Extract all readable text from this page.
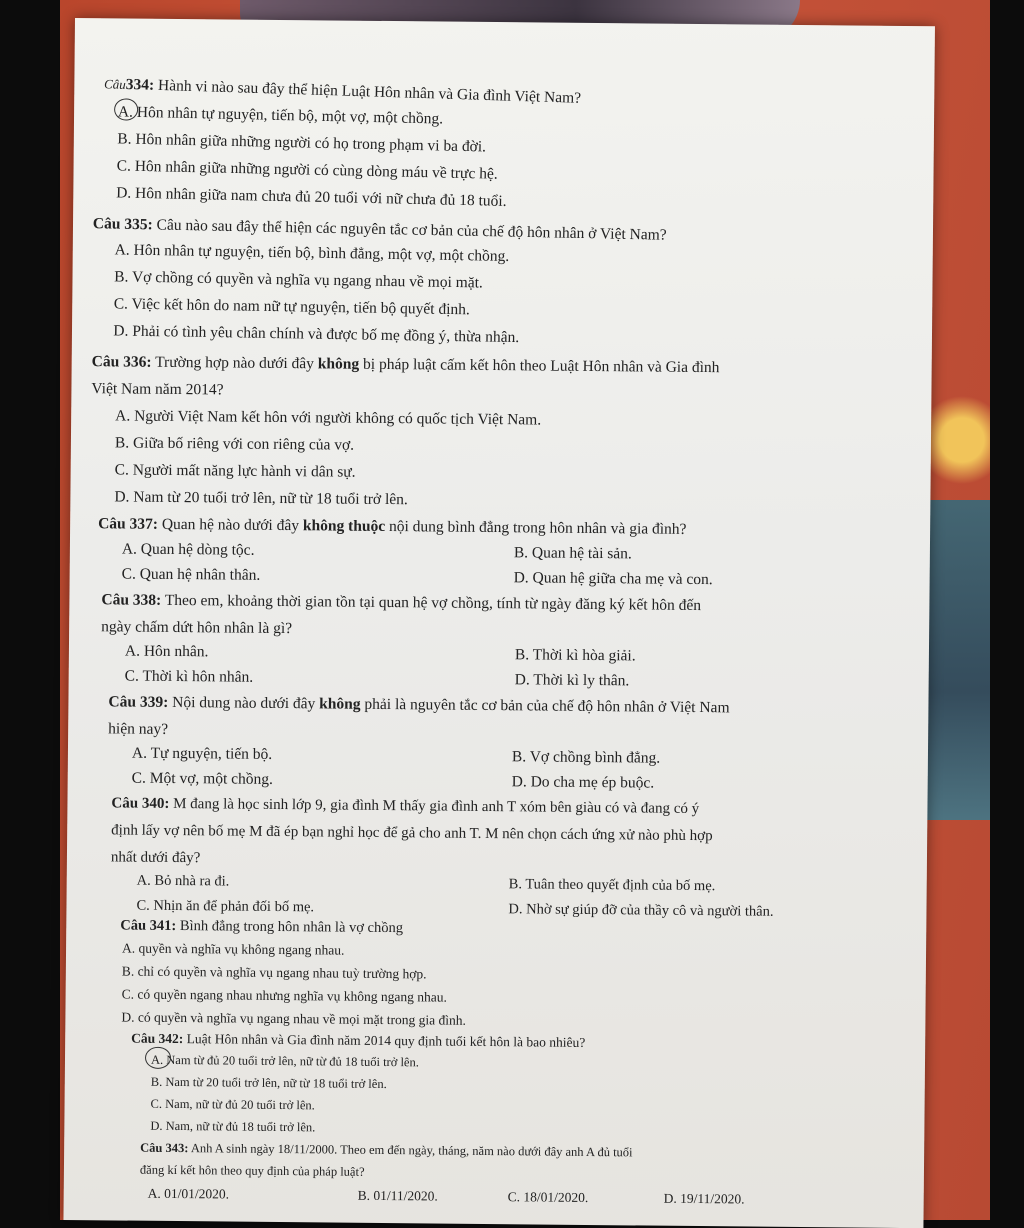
Câu334: Hành vi nào sau đây thể hiện Luật Hôn nhân và Gia đình Việt Nam?
A. Hôn nhân tự nguyện, tiến bộ, một vợ, một chồng.
B. Hôn nhân giữa những người có họ trong phạm vi ba đời.
C. Hôn nhân giữa những người có cùng dòng máu về trực hệ.
D. Hôn nhân giữa nam chưa đủ 20 tuổi với nữ chưa đủ 18 tuổi.
Câu 335: Câu nào sau đây thể hiện các nguyên tắc cơ bản của chế độ hôn nhân ở Việt Nam?
A. Hôn nhân tự nguyện, tiến bộ, bình đẳng, một vợ, một chồng.
B. Vợ chồng có quyền và nghĩa vụ ngang nhau về mọi mặt.
C. Việc kết hôn do nam nữ tự nguyện, tiến bộ quyết định.
D. Phải có tình yêu chân chính và được bố mẹ đồng ý, thừa nhận.
Câu 336: Trường hợp nào dưới đây không bị pháp luật cấm kết hôn theo Luật Hôn nhân và Gia đình
Việt Nam năm 2014?
A. Người Việt Nam kết hôn với người không có quốc tịch Việt Nam.
B. Giữa bố riêng với con riêng của vợ.
C. Người mất năng lực hành vi dân sự.
D. Nam từ 20 tuổi trở lên, nữ từ 18 tuổi trở lên.
Câu 337: Quan hệ nào dưới đây không thuộc nội dung bình đẳng trong hôn nhân và gia đình?
A. Quan hệ dòng tộc.	B. Quan hệ tài sản.
C. Quan hệ nhân thân.	D. Quan hệ giữa cha mẹ và con.
Câu 338: Theo em, khoảng thời gian tồn tại quan hệ vợ chồng, tính từ ngày đăng ký kết hôn đến
ngày chấm dứt hôn nhân là gì?
A. Hôn nhân.	B. Thời kì hòa giải.
C. Thời kì hôn nhân.	D. Thời kì ly thân.
Câu 339: Nội dung nào dưới đây không phải là nguyên tắc cơ bản của chế độ hôn nhân ở Việt Nam
hiện nay?
A. Tự nguyện, tiến bộ.	B. Vợ chồng bình đẳng.
C. Một vợ, một chồng.	D. Do cha mẹ ép buộc.
Câu 340: M đang là học sinh lớp 9, gia đình M thấy gia đình anh T xóm bên giàu có và đang có ý
định lấy vợ nên bố mẹ M đã ép bạn nghỉ học để gả cho anh T. M nên chọn cách ứng xử nào phù hợp
nhất dưới đây?
A. Bỏ nhà ra đi.	B. Tuân theo quyết định của bố mẹ.
C. Nhịn ăn để phản đối bố mẹ.	D. Nhờ sự giúp đỡ của thầy cô và người thân.
Câu 341: Bình đẳng trong hôn nhân là vợ chồng
A. quyền và nghĩa vụ không ngang nhau.
B. chỉ có quyền và nghĩa vụ ngang nhau tuỳ trường hợp.
C. có quyền ngang nhau nhưng nghĩa vụ không ngang nhau.
D. có quyền và nghĩa vụ ngang nhau về mọi mặt trong gia đình.
Câu 342: Luật Hôn nhân và Gia đình năm 2014 quy định tuổi kết hôn là bao nhiêu?
A. Nam từ đủ 20 tuổi trở lên, nữ từ đủ 18 tuổi trở lên.
B. Nam từ 20 tuổi trở lên, nữ từ 18 tuổi trở lên.
C. Nam, nữ từ đủ 20 tuổi trở lên.
D. Nam, nữ từ đủ 18 tuổi trở lên.
Câu 343: Anh A sinh ngày 18/11/2000. Theo em đến ngày, tháng, năm nào dưới đây anh A đủ tuổi
đăng kí kết hôn theo quy định của pháp luật?
A. 01/01/2020.	B. 01/11/2020.	C. 18/01/2020.	D. 19/11/2020.
